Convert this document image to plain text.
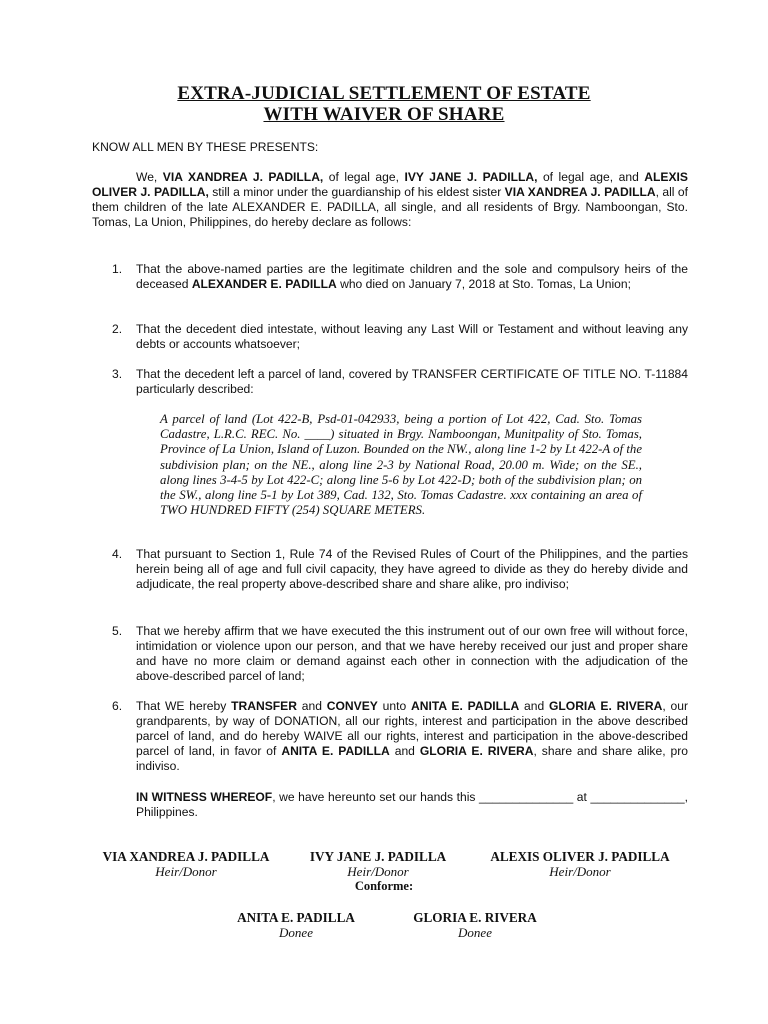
EXTRA-JUDICIAL SETTLEMENT OF ESTATE
WITH WAIVER OF SHARE
KNOW ALL MEN BY THESE PRESENTS:
We, VIA XANDREA J. PADILLA, of legal age, IVY JANE J. PADILLA, of legal age, and ALEXIS OLIVER J. PADILLA, still a minor under the guardianship of his eldest sister VIA XANDREA J. PADILLA, all of them children of the late ALEXANDER E. PADILLA, all single, and all residents of Brgy. Namboongan, Sto. Tomas, La Union, Philippines, do hereby declare as follows:
1. That the above-named parties are the legitimate children and the sole and compulsory heirs of the deceased ALEXANDER E. PADILLA who died on January 7, 2018 at Sto. Tomas, La Union;
2. That the decedent died intestate, without leaving any Last Will or Testament and without leaving any debts or accounts whatsoever;
3. That the decedent left a parcel of land, covered by TRANSFER CERTIFICATE OF TITLE NO. T-11884 particularly described:
A parcel of land (Lot 422-B, Psd-01-042933, being a portion of Lot 422, Cad. Sto. Tomas Cadastre, L.R.C. REC. No. ____) situated in Brgy. Namboongan, Munitpality of Sto. Tomas, Province of La Union, Island of Luzon. Bounded on the NW., along line 1-2 by Lt 422-A of the subdivision plan; on the NE., along line 2-3 by National Road, 20.00 m. Wide; on the SE., along lines 3-4-5 by Lot 422-C; along line 5-6 by Lot 422-D; both of the subdivision plan; on the SW., along line 5-1 by Lot 389, Cad. 132, Sto. Tomas Cadastre. xxx containing an area of TWO HUNDRED FIFTY (254) SQUARE METERS.
4. That pursuant to Section 1, Rule 74 of the Revised Rules of Court of the Philippines, and the parties herein being all of age and full civil capacity, they have agreed to divide as they do hereby divide and adjudicate, the real property above-described share and share alike, pro indiviso;
5. That we hereby affirm that we have executed the this instrument out of our own free will without force, intimidation or violence upon our person, and that we have hereby received our just and proper share and have no more claim or demand against each other in connection with the adjudication of the above-described parcel of land;
6. That WE hereby TRANSFER and CONVEY unto ANITA E. PADILLA and GLORIA E. RIVERA, our grandparents, by way of DONATION, all our rights, interest and participation in the above described parcel of land, and do hereby WAIVE all our rights, interest and participation in the above-described parcel of land, in favor of ANITA E. PADILLA and GLORIA E. RIVERA, share and share alike, pro indiviso.
IN WITNESS WHEREOF, we have hereunto set our hands this ______________ at ______________, Philippines.
VIA XANDREA J. PADILLA
Heir/Donor
IVY JANE J. PADILLA
Heir/Donor
ALEXIS OLIVER J. PADILLA
Heir/Donor
Conforme:
ANITA E. PADILLA
Donee
GLORIA E. RIVERA
Donee
